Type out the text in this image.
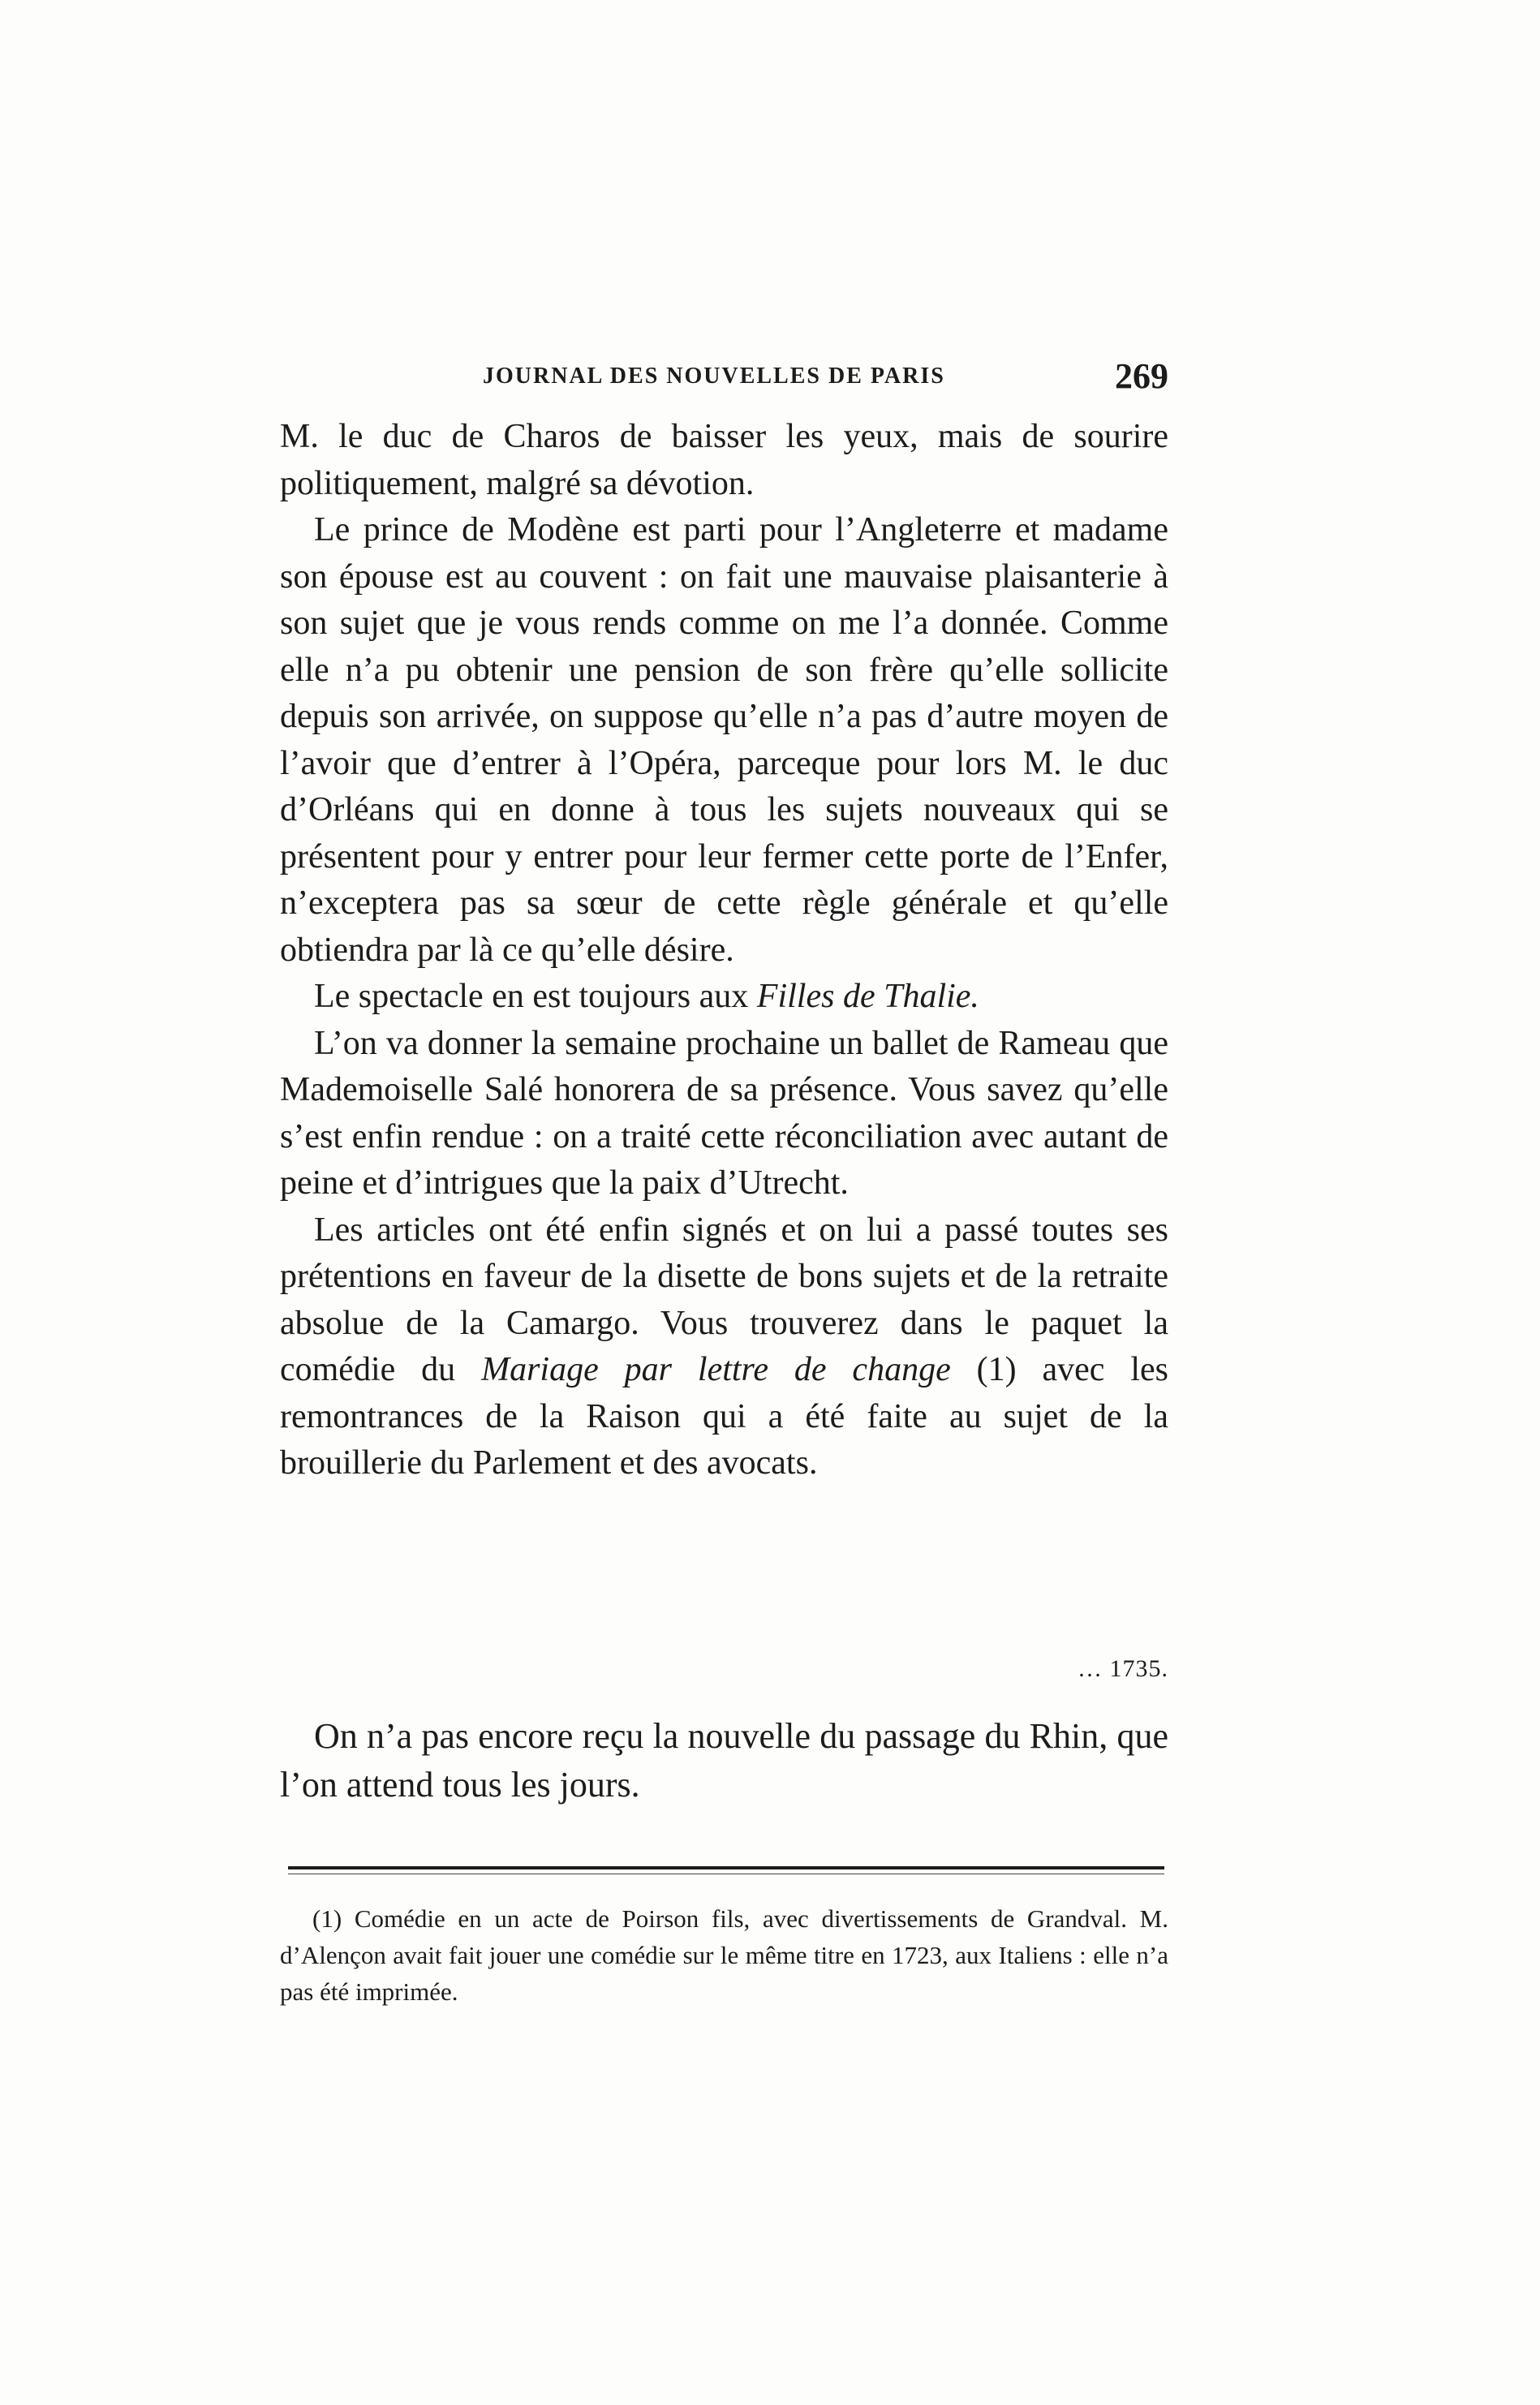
JOURNAL DES NOUVELLES DE PARIS	269

M. le duc de Charos de baisser les yeux, mais de sourire politiquement, malgré sa dévotion.

Le prince de Modène est parti pour l’Angleterre et madame son épouse est au couvent : on fait une mauvaise plaisanterie à son sujet que je vous rends comme on me l’a donnée. Comme elle n’a pu obtenir une pension de son frère qu’elle sollicite depuis son arrivée, on suppose qu’elle n’a pas d’autre moyen de l’avoir que d’entrer à l’Opéra, parceque pour lors M. le duc d’Orléans qui en donne à tous les sujets nouveaux qui se présentent pour y entrer pour leur fermer cette porte de l’Enfer, n’exceptera pas sa sœur de cette règle générale et qu’elle obtiendra par là ce qu’elle désire.

Le spectacle en est toujours aux Filles de Thalie.

L’on va donner la semaine prochaine un ballet de Rameau que Mademoiselle Salé honorera de sa présence. Vous savez qu’elle s’est enfin rendue : on a traité cette réconciliation avec autant de peine et d’intrigues que la paix d’Utrecht.

Les articles ont été enfin signés et on lui a passé toutes ses prétentions en faveur de la disette de bons sujets et de la retraite absolue de la Camargo. Vous trouverez dans le paquet la comédie du Mariage par lettre de change (1) avec les remontrances de la Raison qui a été faite au sujet de la brouillerie du Parlement et des avocats.

… 1735.

On n’a pas encore reçu la nouvelle du passage du Rhin, que l’on attend tous les jours.

(1) Comédie en un acte de Poirson fils, avec divertissements de Grandval. M. d’Alençon avait fait jouer une comédie sur le même titre en 1723, aux Italiens : elle n’a pas été imprimée.
